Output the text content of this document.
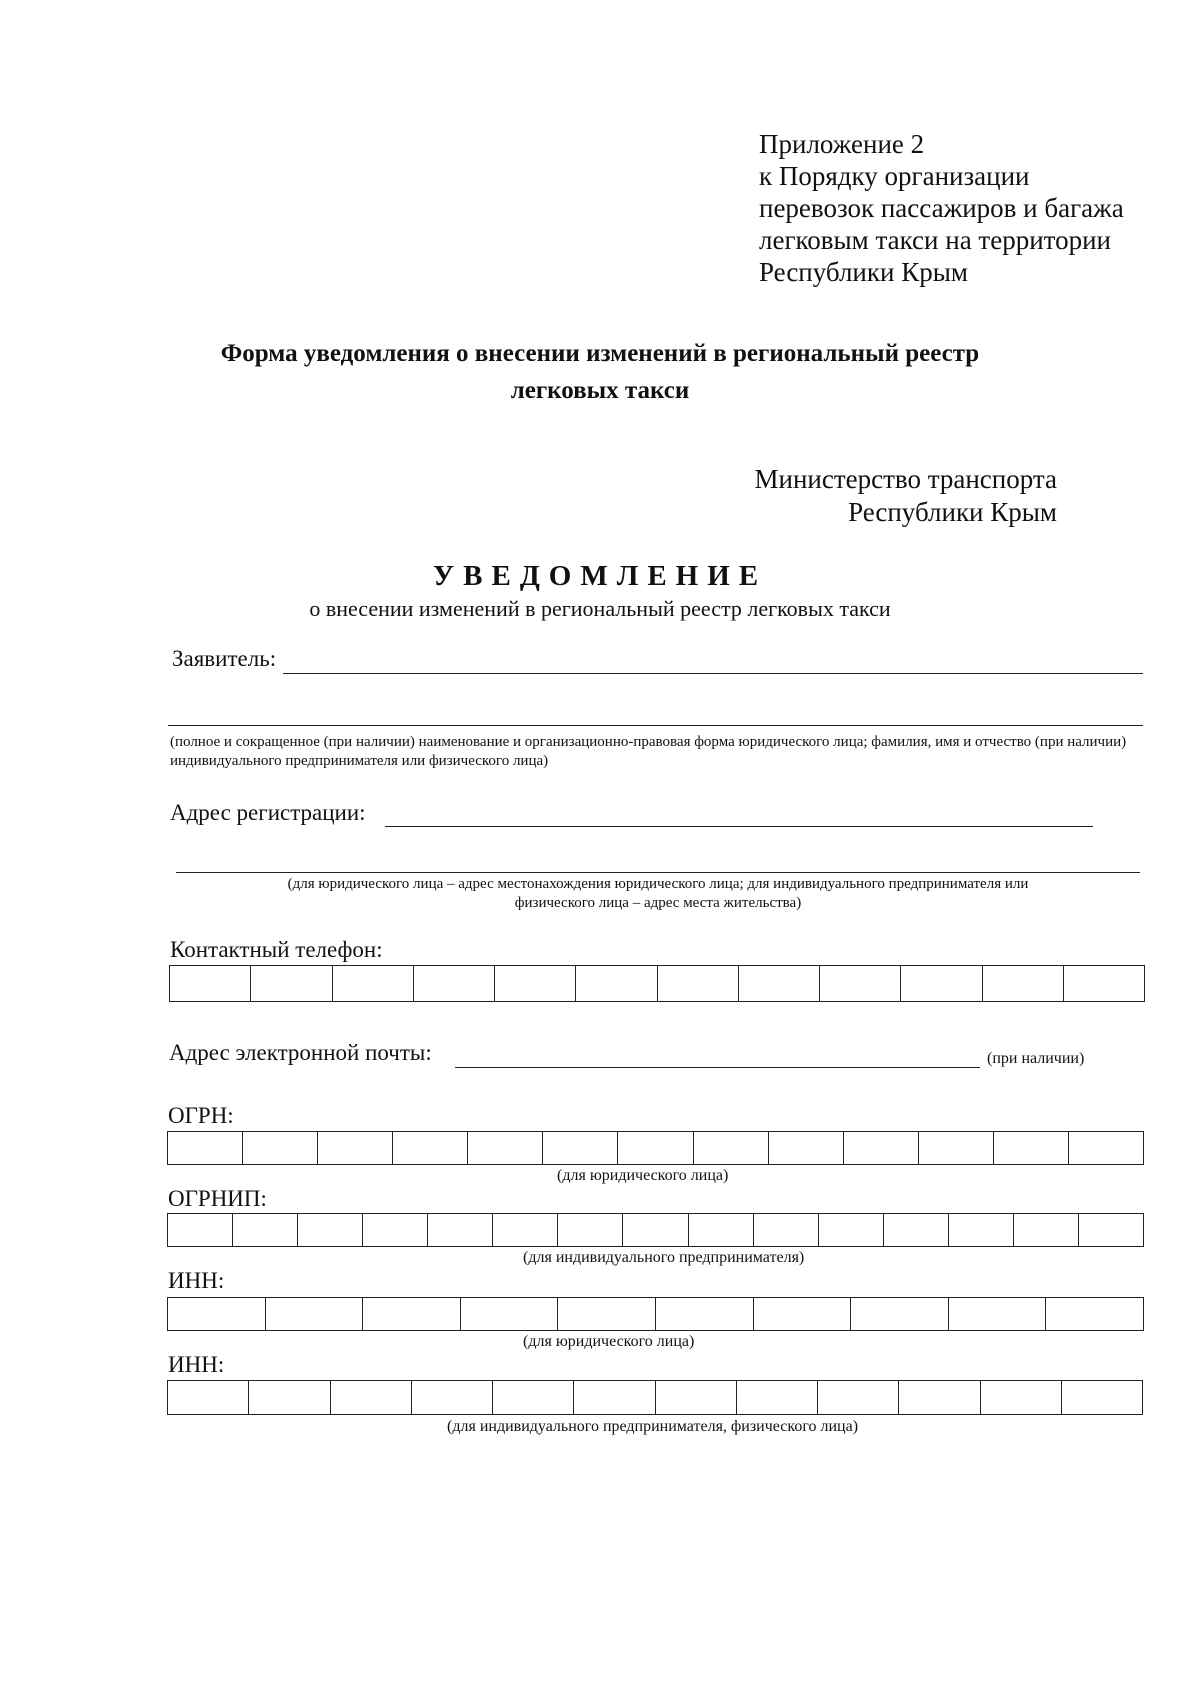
Приложение 2
к Порядку организации
перевозок пассажиров и багажа
легковым такси на территории
Республики Крым
Форма уведомления о внесении изменений в региональный реестр
легковых такси
Министерство транспорта
Республики Крым
УВЕДОМЛЕНИЕ
о внесении изменений в региональный реестр легковых такси
Заявитель:
(полное и сокращенное (при наличии) наименование и организационно-правовая форма юридического лица; фамилия, имя и отчество (при наличии) индивидуального предпринимателя или физического лица)
Адрес регистрации:
(для юридического лица – адрес местонахождения юридического лица; для индивидуального предпринимателя или
физического лица – адрес места жительства)
Контактный телефон:
Адрес электронной почты:	(при наличии)
ОГРН:
(для юридического лица)
ОГРНИП:
(для индивидуального предпринимателя)
ИНН:
(для юридического лица)
ИНН:
(для индивидуального предпринимателя, физического лица)
